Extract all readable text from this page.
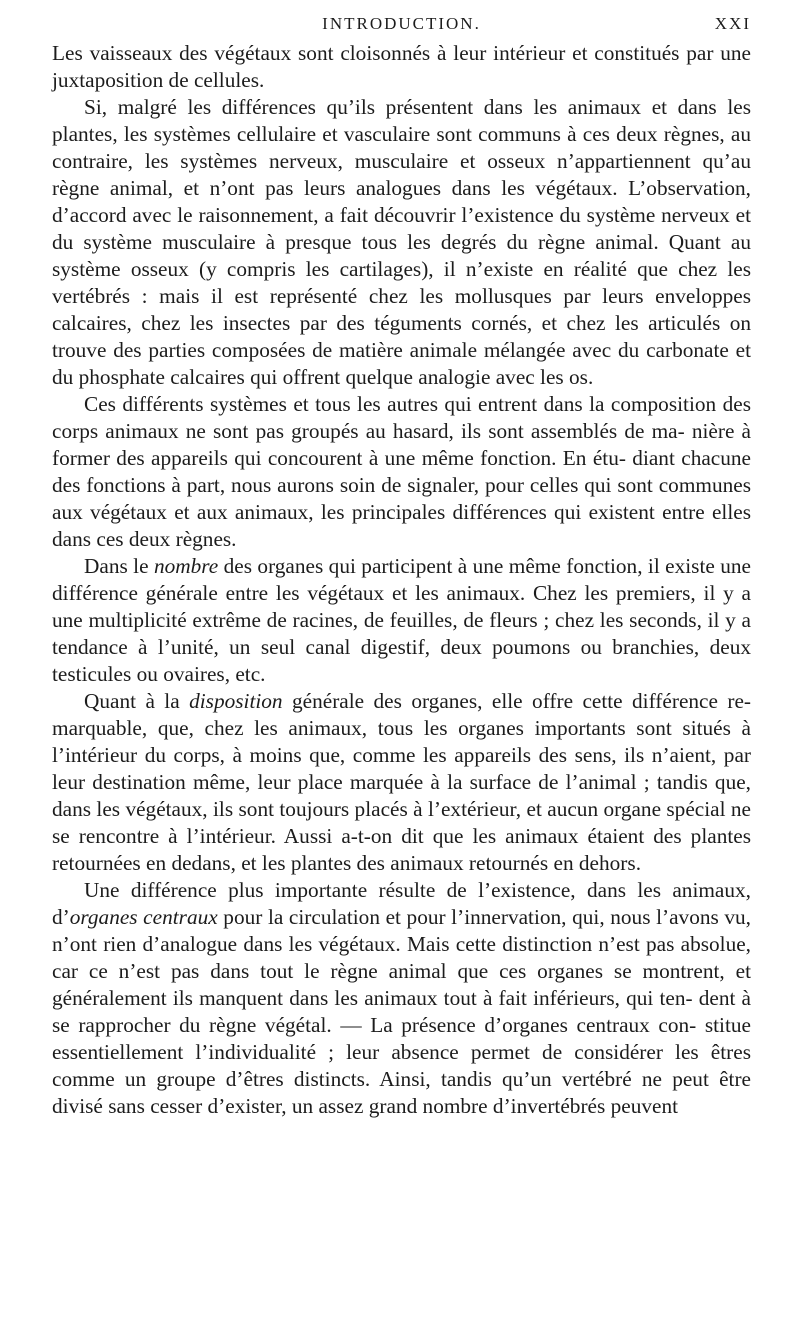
INTRODUCTION.	XXI

Les vaisseaux des végétaux sont cloisonnés à leur intérieur et constitués par une juxtaposition de cellules.

Si, malgré les différences qu’ils présentent dans les animaux et dans les plantes, les systèmes cellulaire et vasculaire sont communs à ces deux règnes, au contraire, les systèmes nerveux, musculaire et osseux n’appartiennent qu’au règne animal, et n’ont pas leurs analogues dans les végétaux. L’observation, d’accord avec le raisonnement, a fait découvrir l’existence du système nerveux et du système musculaire à presque tous les degrés du règne animal. Quant au système osseux (y compris les cartilages), il n’existe en réalité que chez les vertébrés : mais il est représenté chez les mollusques par leurs enveloppes calcaires, chez les insectes par des téguments cornés, et chez les articulés on trouve des parties composées de matière animale mélangée avec du carbonate et du phosphate calcaires qui offrent quelque analogie avec les os.

Ces différents systèmes et tous les autres qui entrent dans la composition des corps animaux ne sont pas groupés au hasard, ils sont assemblés de ma- nière à former des appareils qui concourent à une même fonction. En étu- diant chacune des fonctions à part, nous aurons soin de signaler, pour celles qui sont communes aux végétaux et aux animaux, les principales différences qui existent entre elles dans ces deux règnes.

Dans le nombre des organes qui participent à une même fonction, il existe une différence générale entre les végétaux et les animaux. Chez les premiers, il y a une multiplicité extrême de racines, de feuilles, de fleurs ; chez les seconds, il y a tendance à l’unité, un seul canal digestif, deux poumons ou branchies, deux testicules ou ovaires, etc.

Quant à la disposition générale des organes, elle offre cette différence re- marquable, que, chez les animaux, tous les organes importants sont situés à l’intérieur du corps, à moins que, comme les appareils des sens, ils n’aient, par leur destination même, leur place marquée à la surface de l’animal ; tandis que, dans les végétaux, ils sont toujours placés à l’extérieur, et aucun organe spécial ne se rencontre à l’intérieur. Aussi a-t-on dit que les animaux étaient des plantes retournées en dedans, et les plantes des animaux retournés en dehors.

Une différence plus importante résulte de l’existence, dans les animaux, d’organes centraux pour la circulation et pour l’innervation, qui, nous l’avons vu, n’ont rien d’analogue dans les végétaux. Mais cette distinction n’est pas absolue, car ce n’est pas dans tout le règne animal que ces organes se montrent, et généralement ils manquent dans les animaux tout à fait inférieurs, qui ten- dent à se rapprocher du règne végétal. — La présence d’organes centraux con- stitue essentiellement l’individualité ; leur absence permet de considérer les êtres comme un groupe d’êtres distincts. Ainsi, tandis qu’un vertébré ne peut être divisé sans cesser d’exister, un assez grand nombre d’invertébrés peuvent
